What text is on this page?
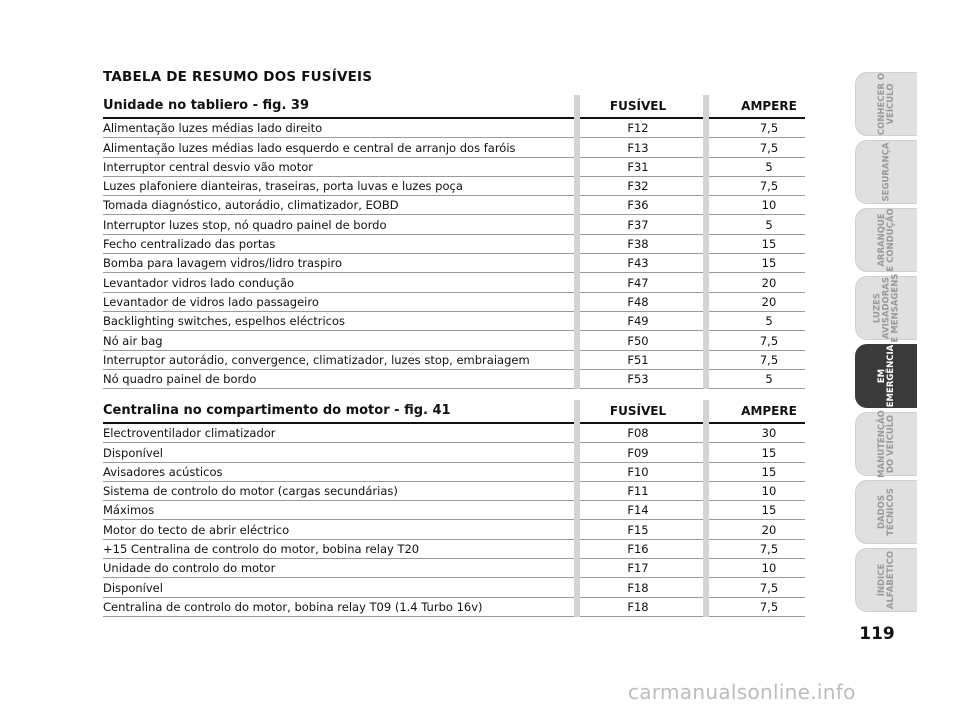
TABELA DE RESUMO DOS FUSÍVEIS
Unidade no tabliero - fig. 39	FUSÍVEL	AMPERE
Alimentação luzes médias lado direito	F12	7,5
Alimentação luzes médias lado esquerdo e central de arranjo dos faróis	F13	7,5
Interruptor central desvio vão motor	F31	5
Luzes plafoniere dianteiras, traseiras, porta luvas e luzes poça	F32	7,5
Tomada diagnóstico, autorádio, climatizador, EOBD	F36	10
Interruptor luzes stop, nó quadro painel de bordo	F37	5
Fecho centralizado das portas	F38	15
Bomba para lavagem vidros/lidro traspiro	F43	15
Levantador vidros lado condução	F47	20
Levantador de vidros lado passageiro	F48	20
Backlighting switches, espelhos eléctricos	F49	5
Nó air bag	F50	7,5
Interruptor autorádio, convergence, climatizador, luzes stop, embraiagem	F51	7,5
Nó quadro painel de bordo	F53	5
Centralina no compartimento do motor - fig. 41	FUSÍVEL	AMPERE
Electroventilador climatizador	F08	30
Disponível	F09	15
Avisadores acústicos	F10	15
Sistema de controlo do motor (cargas secundárias)	F11	10
Máximos	F14	15
Motor do tecto de abrir eléctrico	F15	20
+15 Centralina de controlo do motor, bobina relay T20	F16	7,5
Unidade do controlo do motor	F17	10
Disponível	F18	7,5
Centralina de controlo do motor, bobina relay T09 (1.4 Turbo 16v)	F18	7,5
CONHECER O
VEÍCULO
SEGURANÇA
ARRANQUE
E CONDUÇÃO
LUZES
AVISADORAS
E MENSAGENS
EM
EMERGÊNCIA
MANUTENÇÃO
DO VEÍCULO
DADOS
TÉCNICOS
ÍNDICE
ALFABÉTICO
119
carmanualsonline.info
